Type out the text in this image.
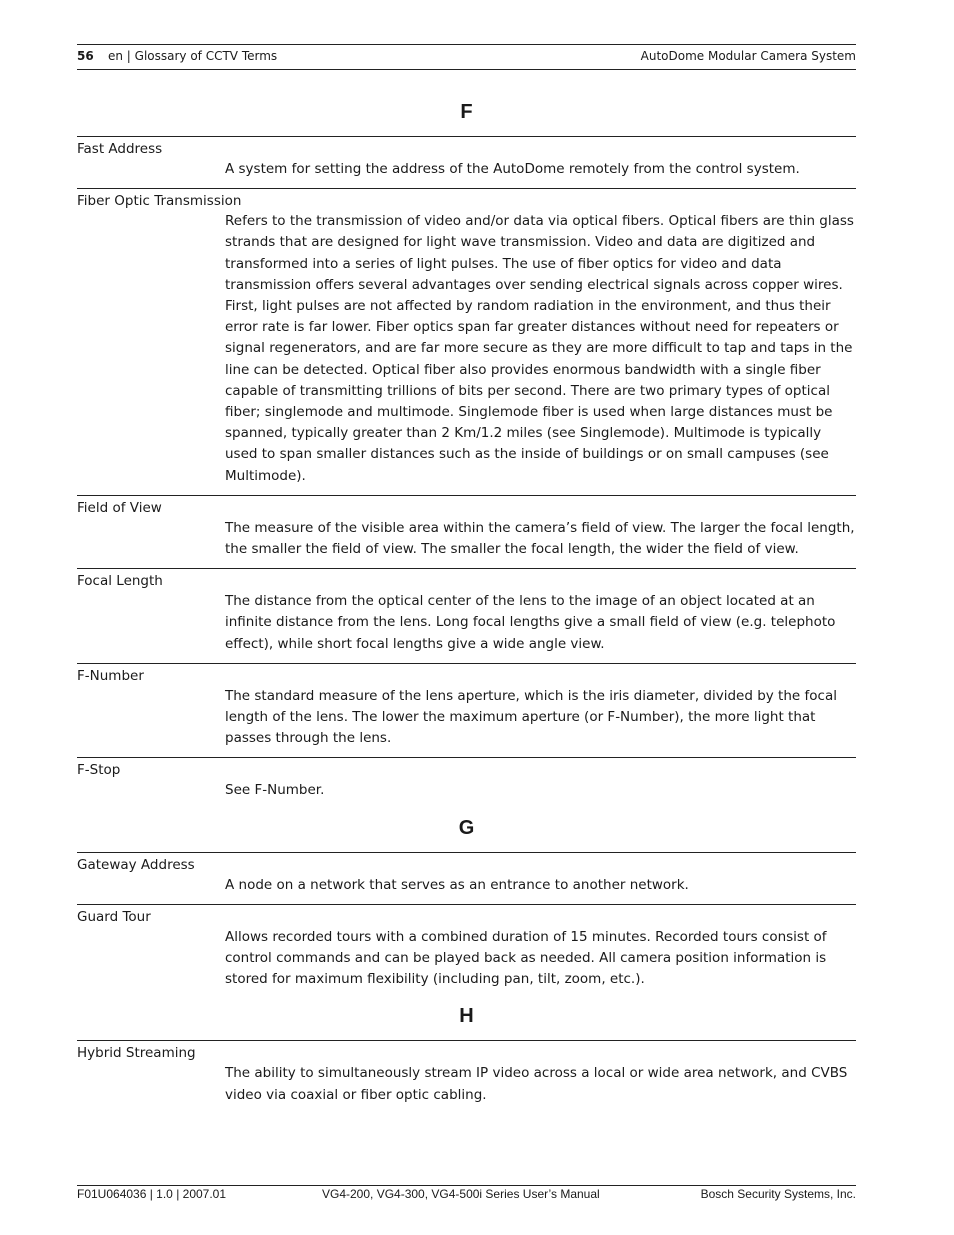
56 en | Glossary of CCTV Terms	AutoDome Modular Camera System
F
Fast Address
A system for setting the address of the AutoDome remotely from the control system.
Fiber Optic Transmission
Refers to the transmission of video and/or data via optical fibers. Optical fibers are thin glass strands that are designed for light wave transmission. Video and data are digitized and transformed into a series of light pulses. The use of fiber optics for video and data transmission offers several advantages over sending electrical signals across copper wires. First, light pulses are not affected by random radiation in the environment, and thus their error rate is far lower. Fiber optics span far greater distances without need for repeaters or signal regenerators, and are far more secure as they are more difficult to tap and taps in the line can be detected. Optical fiber also provides enormous bandwidth with a single fiber capable of transmitting trillions of bits per second. There are two primary types of optical fiber; singlemode and multimode. Singlemode fiber is used when large distances must be spanned, typically greater than 2 Km/1.2 miles (see Singlemode). Multimode is typically used to span smaller distances such as the inside of buildings or on small campuses (see Multimode).
Field of View
The measure of the visible area within the camera’s field of view. The larger the focal length, the smaller the field of view. The smaller the focal length, the wider the field of view.
Focal Length
The distance from the optical center of the lens to the image of an object located at an infinite distance from the lens. Long focal lengths give a small field of view (e.g. telephoto effect), while short focal lengths give a wide angle view.
F-Number
The standard measure of the lens aperture, which is the iris diameter, divided by the focal length of the lens. The lower the maximum aperture (or F-Number), the more light that passes through the lens.
F-Stop
See F-Number.
G
Gateway Address
A node on a network that serves as an entrance to another network.
Guard Tour
Allows recorded tours with a combined duration of 15 minutes. Recorded tours consist of control commands and can be played back as needed. All camera position information is stored for maximum flexibility (including pan, tilt, zoom, etc.).
H
Hybrid Streaming
The ability to simultaneously stream IP video across a local or wide area network, and CVBS video via coaxial or fiber optic cabling.
F01U064036 | 1.0 | 2007.01	VG4-200, VG4-300, VG4-500i Series User’s Manual	Bosch Security Systems, Inc.
